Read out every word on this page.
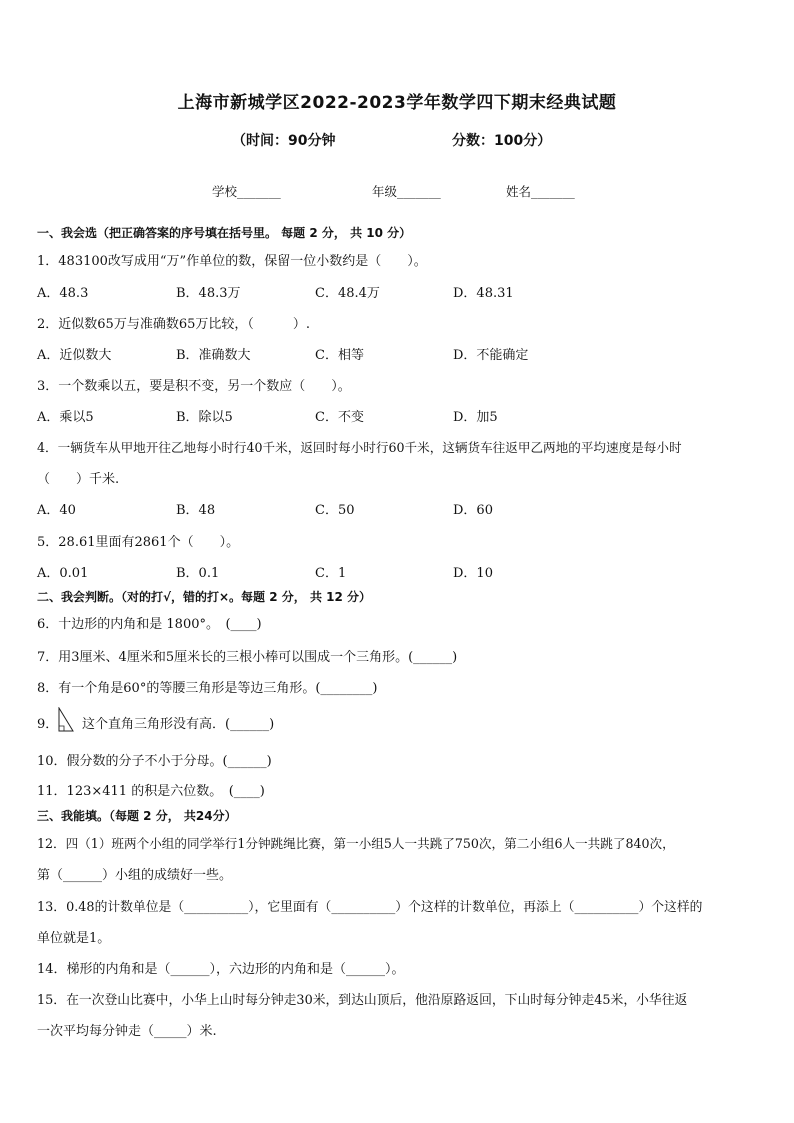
上海市新城学区2022-2023学年数学四下期末经典试题
（时间：90分钟	分数：100分）
学校_______	年级_______	姓名_______
一、我会选（把正确答案的序号填在括号里。 每题 2 分， 共 10 分）
1．483100改写成用“万”作单位的数，保留一位小数约是（　　）。
A．48.3	B．48.3万	C．48.4万	D．48.31
2．近似数65万与准确数65万比较，（　　　）.
A．近似数大	B．准确数大	C．相等	D．不能确定
3．一个数乘以五，要是积不变，另一个数应（　　）。
A．乘以5	B．除以5	C．不变	D．加5
4．一辆货车从甲地开往乙地每小时行40千米，返回时每小时行60千米，这辆货车往返甲乙两地的平均速度是每小时
（　　）千米.
A．40	B．48	C．50	D．60
5．28.61里面有2861个（　　）。
A．0.01	B．0.1	C．1	D．10
二、我会判断。（对的打√，错的打×。每题 2 分， 共 12 分）
6．十边形的内角和是 1800°。　(____)
7．用3厘米、4厘米和5厘米长的三根小棒可以围成一个三角形。(______)
8．有一个角是60°的等腰三角形是等边三角形。(________)
9． 这个直角三角形没有高．(______)
10．假分数的分子不小于分母。(______)
11．123×411 的积是六位数。　(____)
三、我能填。（每题 2 分， 共24分）
12．四（1）班两个小组的同学举行1分钟跳绳比赛，第一小组5人一共跳了750次，第二小组6人一共跳了840次，
第（______）小组的成绩好一些。
13．0.48的计数单位是（__________），它里面有（__________）个这样的计数单位，再添上（__________）个这样的
单位就是1。
14．梯形的内角和是（______），六边形的内角和是（______）。
15．在一次登山比赛中，小华上山时每分钟走30米，到达山顶后，他沿原路返回，下山时每分钟走45米，小华往返
一次平均每分钟走（_____）米.
